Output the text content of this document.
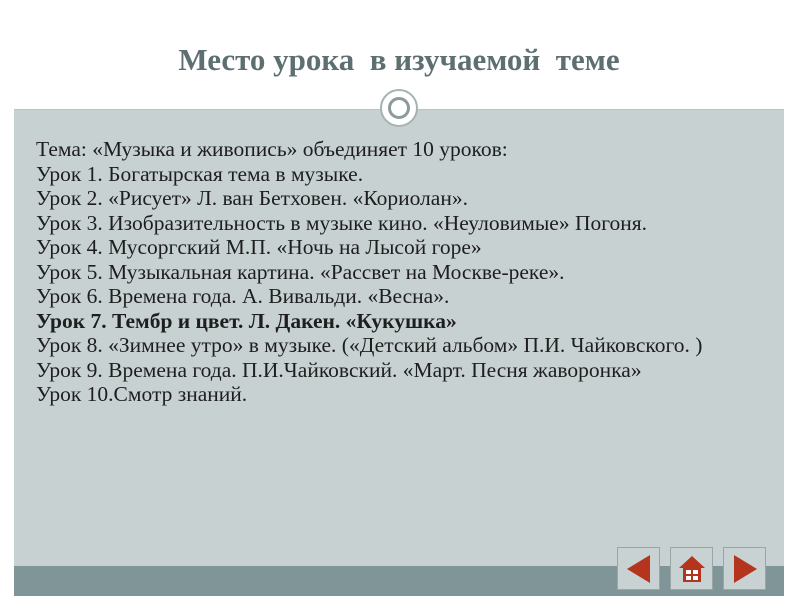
Место урока  в изучаемой  теме
Тема: «Музыка и живопись» объединяет 10 уроков:
Урок 1. Богатырская тема в музыке.
Урок 2. «Рисует» Л. ван Бетховен. «Кориолан».
Урок 3. Изобразительность в музыке кино. «Неуловимые» Погоня.
Урок 4. Мусоргский М.П. «Ночь на Лысой горе»
Урок 5. Музыкальная картина. «Рассвет на Москве-реке».
Урок 6. Времена года. А. Вивальди. «Весна».
Урок 7. Тембр и цвет. Л. Дакен. «Кукушка»
Урок 8. «Зимнее утро» в музыке. («Детский альбом» П.И. Чайковского. )
Урок 9. Времена года. П.И.Чайковский. «Март. Песня жаворонка»
Урок 10.Смотр знаний.
